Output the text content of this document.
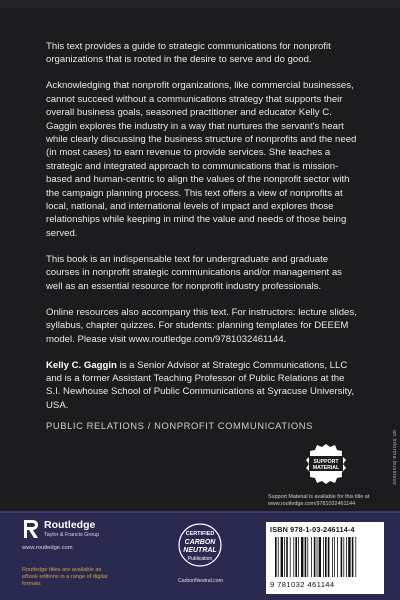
This text provides a guide to strategic communications for nonprofit organizations that is rooted in the desire to serve and do good.

Acknowledging that nonprofit organizations, like commercial businesses, cannot succeed without a communications strategy that supports their overall business goals, seasoned practitioner and educator Kelly C. Gaggin explores the industry in a way that nurtures the servant's heart while clearly discussing the business structure of nonprofits and the need (in most cases) to earn revenue to provide services. She teaches a strategic and integrated approach to communications that is mission-based and human-centric to align the values of the nonprofit sector with the campaign planning process. This text offers a view of nonprofits at local, national, and international levels of impact and explores those relationships while keeping in mind the value and needs of those being served.

This book is an indispensable text for undergraduate and graduate courses in nonprofit strategic communications and/or management as well as an essential resource for nonprofit industry professionals.

Online resources also accompany this text. For instructors: lecture slides, syllabus, chapter quizzes. For students: planning templates for DEEEM model. Please visit www.routledge.com/9781032461144.

Kelly C. Gaggin is a Senior Advisor at Strategic Communications, LLC and is a former Assistant Teaching Professor of Public Relations at the S.I. Newhouse School of Public Communications at Syracuse University, USA.

PUBLIC RELATIONS / NONPROFIT COMMUNICATIONS
SUPPORT
MATERIAL
Support Material is available for this title at www.routledge.com/9781032461144
an informa business
Routledge
Taylor & Francis Group
www.routledge.com
Routledge titles are available as eBook editions in a range of digital formats
CERTIFIED
CARBON
NEUTRAL
Publication
CarbonNeutral.com
ISBN 978-1-03-246114-4
9 781032 461144
